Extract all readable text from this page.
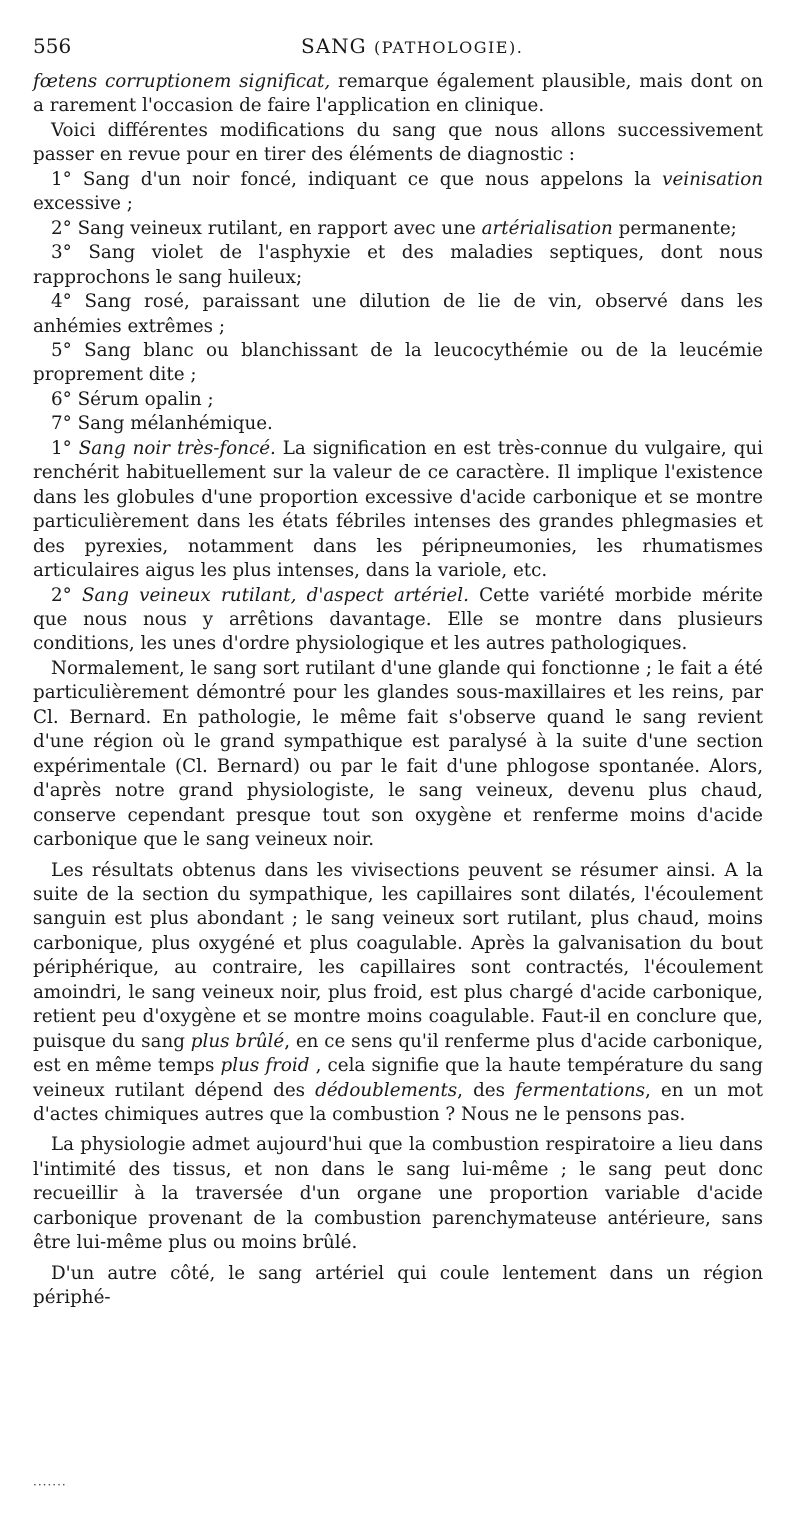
556	SANG (PATHOLOGIE).

fœtens corruptionem significat, remarque également plausible, mais dont on a rarement l'occasion de faire l'application en clinique.

Voici différentes modifications du sang que nous allons successivement passer en revue pour en tirer des éléments de diagnostic :

1° Sang d'un noir foncé, indiquant ce que nous appelons la veinisation excessive ;

2° Sang veineux rutilant, en rapport avec une artérialisation permanente;

3° Sang violet de l'asphyxie et des maladies septiques, dont nous rapprochons le sang huileux;

4° Sang rosé, paraissant une dilution de lie de vin, observé dans les anhémies extrêmes ;

5° Sang blanc ou blanchissant de la leucocythémie ou de la leucémie proprement dite ;

6° Sérum opalin ;

7° Sang mélanhémique.

1° Sang noir très-foncé. La signification en est très-connue du vulgaire, qui renchérit habituellement sur la valeur de ce caractère. Il implique l'existence dans les globules d'une proportion excessive d'acide carbonique et se montre particulièrement dans les états fébriles intenses des grandes phlegmasies et des pyrexies, notamment dans les péripneumonies, les rhumatismes articulaires aigus les plus intenses, dans la variole, etc.

2° Sang veineux rutilant, d'aspect artériel. Cette variété morbide mérite que nous nous y arrêtions davantage. Elle se montre dans plusieurs conditions, les unes d'ordre physiologique et les autres pathologiques.

Normalement, le sang sort rutilant d'une glande qui fonctionne ; le fait a été particulièrement démontré pour les glandes sous-maxillaires et les reins, par Cl. Bernard. En pathologie, le même fait s'observe quand le sang revient d'une région où le grand sympathique est paralysé à la suite d'une section expérimentale (Cl. Bernard) ou par le fait d'une phlogose spontanée. Alors, d'après notre grand physiologiste, le sang veineux, devenu plus chaud, conserve cependant presque tout son oxygène et renferme moins d'acide carbonique que le sang veineux noir.

Les résultats obtenus dans les vivisections peuvent se résumer ainsi. A la suite de la section du sympathique, les capillaires sont dilatés, l'écoulement sanguin est plus abondant ; le sang veineux sort rutilant, plus chaud, moins carbonique, plus oxygéné et plus coagulable. Après la galvanisation du bout périphérique, au contraire, les capillaires sont contractés, l'écoulement amoindri, le sang veineux noir, plus froid, est plus chargé d'acide carbonique, retient peu d'oxygène et se montre moins coagulable. Faut-il en conclure que, puisque du sang plus brûlé, en ce sens qu'il renferme plus d'acide carbonique, est en même temps plus froid , cela signifie que la haute température du sang veineux rutilant dépend des dédoublements, des fermentations, en un mot d'actes chimiques autres que la combustion ? Nous ne le pensons pas.

La physiologie admet aujourd'hui que la combustion respiratoire a lieu dans l'intimité des tissus, et non dans le sang lui-même ; le sang peut donc recueillir à la traversée d'un organe une proportion variable d'acide carbonique provenant de la combustion parenchymateuse antérieure, sans être lui-même plus ou moins brûlé.

D'un autre côté, le sang artériel qui coule lentement dans un région périphé-

·······
